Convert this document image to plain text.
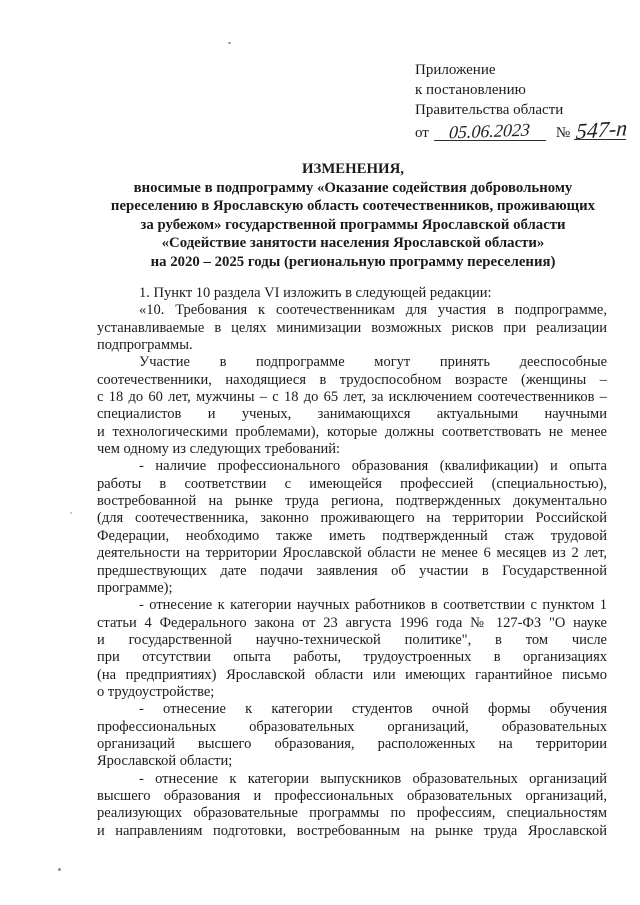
Приложение
к постановлению
Правительства области
от	05.06.2023	№ 547-п
ИЗМЕНЕНИЯ,
вносимые в подпрограмму «Оказание содействия добровольному
переселению в Ярославскую область соотечественников, проживающих
за рубежом» государственной программы Ярославской области
«Содействие занятости населения Ярославской области»
на 2020 – 2025 годы (региональную программу переселения)
1. Пункт 10 раздела VI изложить в следующей редакции:
«10. Требования к соотечественникам для участия в подпрограмме,
устанавливаемые в целях минимизации возможных рисков при реализации
подпрограммы.
Участие в подпрограмме могут принять дееспособные
соотечественники, находящиеся в трудоспособном возрасте (женщины –
с 18 до 60 лет, мужчины – с 18 до 65 лет, за исключением соотечественников –
специалистов и ученых, занимающихся актуальными научными
и технологическими проблемами), которые должны соответствовать не менее
чем одному из следующих требований:
- наличие профессионального образования (квалификации) и опыта
работы в соответствии с имеющейся профессией (специальностью),
востребованной на рынке труда региона, подтвержденных документально
(для соотечественника, законно проживающего на территории Российской
Федерации, необходимо также иметь подтвержденный стаж трудовой
деятельности на территории Ярославской области не менее 6 месяцев из 2 лет,
предшествующих дате подачи заявления об участии в Государственной
программе);
- отнесение к категории научных работников в соответствии с пунктом 1
статьи 4 Федерального закона от 23 августа 1996 года № 127-ФЗ "О науке
и государственной научно-технической политике", в том числе
при отсутствии опыта работы, трудоустроенных в организациях
(на предприятиях) Ярославской области или имеющих гарантийное письмо
о трудоустройстве;
- отнесение к категории студентов очной формы обучения
профессиональных образовательных организаций, образовательных
организаций высшего образования, расположенных на территории
Ярославской области;
- отнесение к категории выпускников образовательных организаций
высшего образования и профессиональных образовательных организаций,
реализующих образовательные программы по профессиям, специальностям
и направлениям подготовки, востребованным на рынке труда Ярославской
